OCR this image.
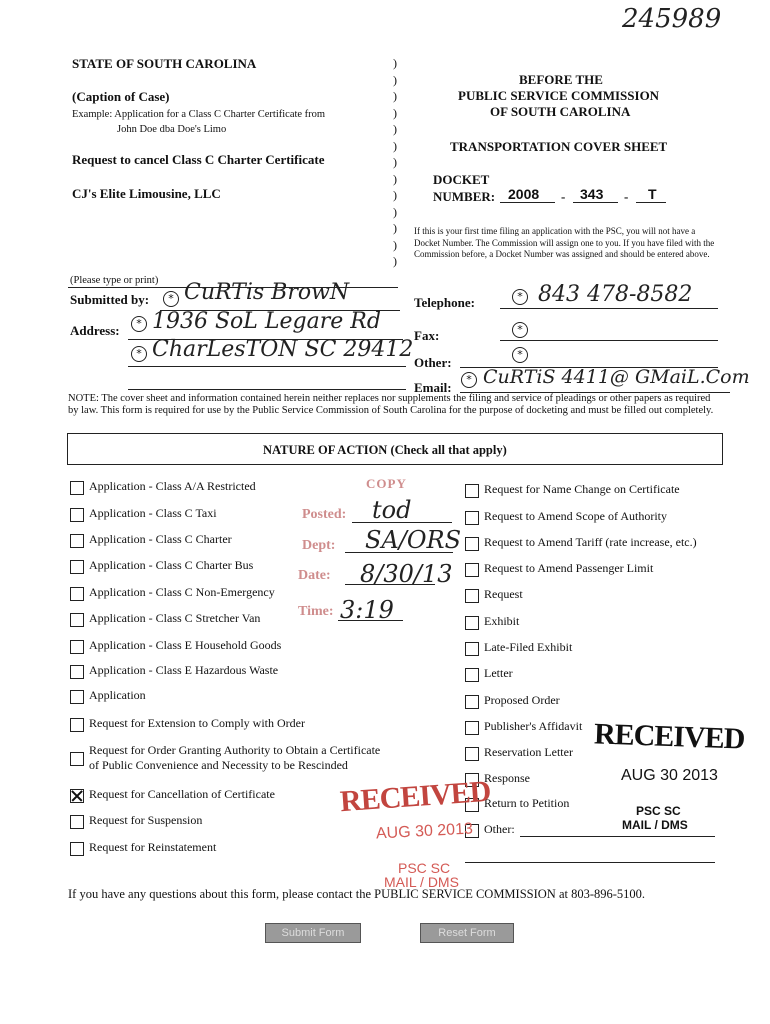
245989
STATE OF SOUTH CAROLINA
(Caption of Case)
Example: Application for a Class C Charter Certificate from
John Doe dba Doe's Limo
Request to cancel Class C Charter Certificate
CJ's Elite Limousine, LLC
)
)
)
)
)
)
)
)
)
)
)
)
)
BEFORE THE
PUBLIC SERVICE COMMISSION
OF SOUTH CAROLINA
TRANSPORTATION COVER SHEET
DOCKET
NUMBER: 2008 - 343 - T
If this is your first time filing an application with the PSC, you will not have a Docket Number. The Commission will assign one to you. If you have filed with the Commission before, a Docket Number was assigned and should be entered above.
(Please type or print)
Submitted by:	* CuRTis BrowN
Address:	* 1936 SoL Legare Rd
* CharLesTON SC 29412
Telephone:	* 843 478-8582
Fax:	*
Other:
*
Email:
* CuRTiS 4411@ GMaiL.Com
NOTE: The cover sheet and information contained herein neither replaces nor supplements the filing and service of pleadings or other papers as required by law. This form is required for use by the Public Service Commission of South Carolina for the purpose of docketing and must be filled out completely.
NATURE OF ACTION (Check all that apply)
Application - Class A/A Restricted
Application - Class C Taxi
Application - Class C Charter
Application - Class C Charter Bus
Application - Class C Non-Emergency
Application - Class C Stretcher Van
Application - Class E Household Goods
Application - Class E Hazardous Waste
Application
Request for Extension to Comply with Order
Request for Order Granting Authority to Obtain a Certificate
of Public Convenience and Necessity to be Rescinded
Request for Cancellation of Certificate
Request for Suspension
Request for Reinstatement
Request for Name Change on Certificate
Request to Amend Scope of Authority
Request to Amend Tariff (rate increase, etc.)
Request to Amend Passenger Limit
Request
Exhibit
Late-Filed Exhibit
Letter
Proposed Order
Publisher's Affidavit
Reservation Letter
Response
Return to Petition
Other:
COPY
Posted: tod
Dept: SA/ORS
Date: 8/30/13
Time: 3:19
RECEIVED
AUG 30 2013
PSC SC
MAIL / DMS
RECEIVED
AUG 30 2013
PSC SC
MAIL / DMS
If you have any questions about this form, please contact the PUBLIC SERVICE COMMISSION at 803-896-5100.
Submit Form	Reset Form
